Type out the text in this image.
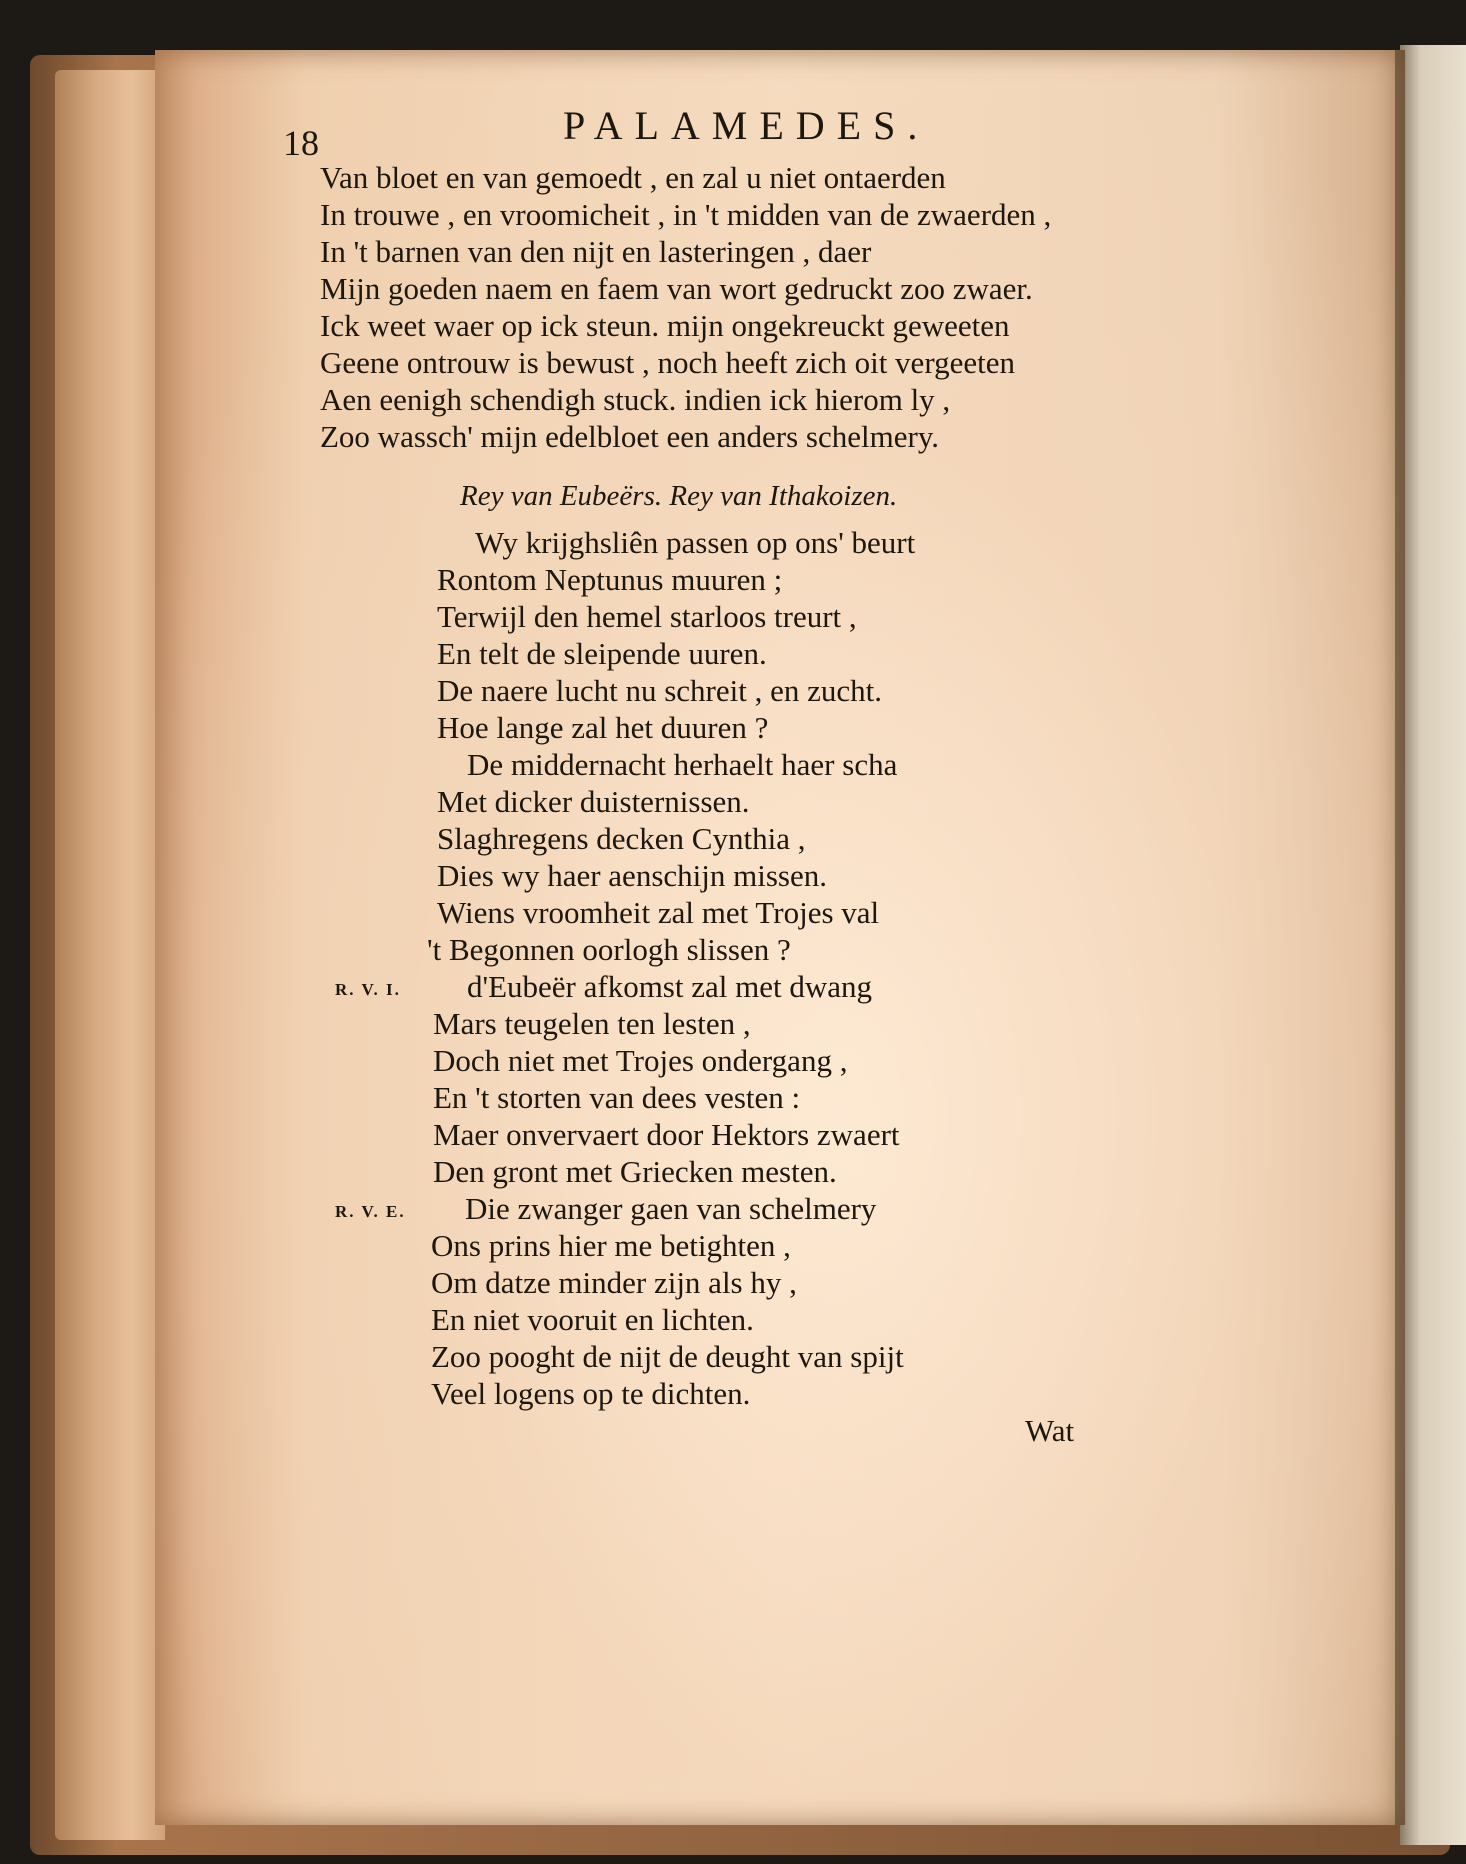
18	PALAMEDES.
Van bloet en van gemoedt , en zal u niet ontaerden
In trouwe , en vroomicheit , in 't midden van de zwaerden ,
In 't barnen van den nijt en lasteringen , daer
Mijn goeden naem en faem van wort gedruckt zoo zwaer.
Ick weet waer op ick steun. mijn ongekreuckt geweeten
Geene ontrouw is bewust , noch heeft zich oit vergeeten
Aen eenigh schendigh stuck. indien ick hierom ly ,
Zoo wassch' mijn edelbloet een anders schelmery.
Rey van Eubeërs. Rey van Ithakoizen.
Wy krijghsliên passen op ons' beurt
Rontom Neptunus muuren ;
Terwijl den hemel starloos treurt ,
En telt de sleipende uuren.
De naere lucht nu schreit , en zucht.
Hoe lange zal het duuren ?
De middernacht herhaelt haer scha
Met dicker duisternissen.
Slaghregens decken Cynthia ,
Dies wy haer aenschijn missen.
Wiens vroomheit zal met Trojes val
't Begonnen oorlogh slissen ?
R. V. I. d'Eubeër afkomst zal met dwang
Mars teugelen ten lesten ,
Doch niet met Trojes ondergang ,
En 't storten van dees vesten :
Maer onvervaert door Hektors zwaert
Den gront met Griecken mesten.
R. V. E. Die zwanger gaen van schelmery
Ons prins hier me betighten ,
Om datze minder zijn als hy ,
En niet vooruit en lichten.
Zoo pooght de nijt de deught van spijt
Veel logens op te dichten.
Wat
